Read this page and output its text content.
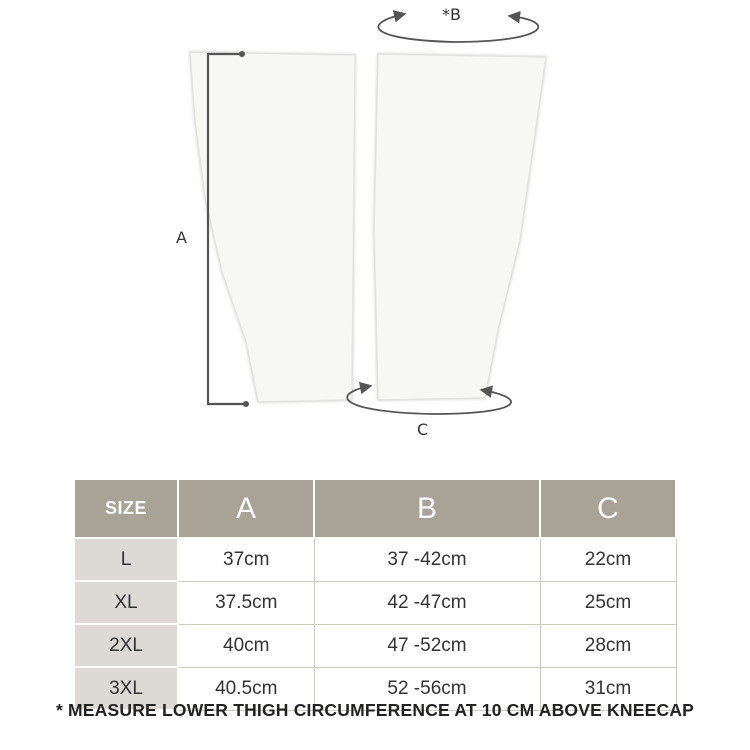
A
*B
C
SIZE	A	B	C
L	37cm	37 -42cm	22cm
XL	37.5cm	42 -47cm	25cm
2XL	40cm	47 -52cm	28cm
3XL	40.5cm	52 -56cm	31cm
* MEASURE LOWER THIGH CIRCUMFERENCE AT 10 CM ABOVE KNEECAP
